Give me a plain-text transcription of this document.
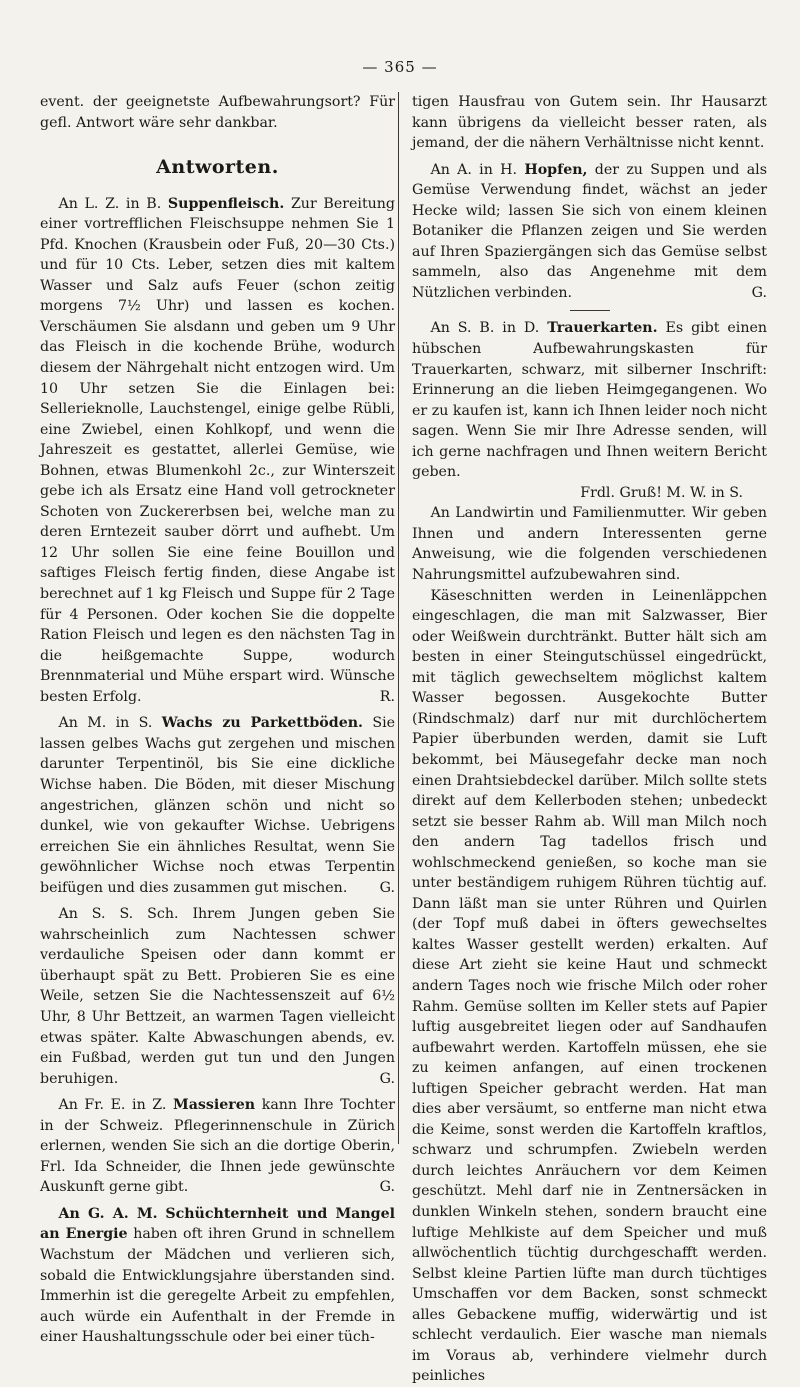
— 365 —

event. der geeignetste Aufbewahrungsort? Für gefl. Antwort wäre sehr dankbar.

Antworten.

An L. Z. in B. Suppenfleisch. Zur Bereitung einer vortrefflichen Fleischsuppe nehmen Sie 1 Pfd. Knochen (Krausbein oder Fuß, 20—30 Cts.) und für 10 Cts. Leber, setzen dies mit kaltem Wasser und Salz aufs Feuer (schon zeitig morgens 7½ Uhr) und lassen es kochen. Verschäumen Sie alsdann und geben um 9 Uhr das Fleisch in die kochende Brühe, wodurch diesem der Nährgehalt nicht entzogen wird. Um 10 Uhr setzen Sie die Einlagen bei: Sellerieknolle, Lauchstengel, einige gelbe Rübli, eine Zwiebel, einen Kohlkopf, und wenn die Jahreszeit es gestattet, allerlei Gemüse, wie Bohnen, etwas Blumenkohl 2c., zur Winterszeit gebe ich als Ersatz eine Hand voll getrockneter Schoten von Zuckererbsen bei, welche man zu deren Erntezeit sauber dörrt und aufhebt. Um 12 Uhr sollen Sie eine feine Bouillon und saftiges Fleisch fertig finden, diese Angabe ist berechnet auf 1 kg Fleisch und Suppe für 2 Tage für 4 Personen. Oder kochen Sie die doppelte Ration Fleisch und legen es den nächsten Tag in die heißgemachte Suppe, wodurch Brennmaterial und Mühe erspart wird. Wünsche besten Erfolg.	R.

An M. in S. Wachs zu Parkettböden. Sie lassen gelbes Wachs gut zergehen und mischen darunter Terpentinöl, bis Sie eine dickliche Wichse haben. Die Böden, mit dieser Mischung angestrichen, glänzen schön und nicht so dunkel, wie von gekaufter Wichse. Uebrigens erreichen Sie ein ähnliches Resultat, wenn Sie gewöhnlicher Wichse noch etwas Terpentin beifügen und dies zusammen gut mischen.	G.

An S. S. Sch. Ihrem Jungen geben Sie wahrscheinlich zum Nachtessen schwer verdauliche Speisen oder dann kommt er überhaupt spät zu Bett. Probieren Sie es eine Weile, setzen Sie die Nachtessenszeit auf 6½ Uhr, 8 Uhr Bettzeit, an warmen Tagen vielleicht etwas später. Kalte Abwaschungen abends, ev. ein Fußbad, werden gut tun und den Jungen beruhigen.	G.

An Fr. E. in Z. Massieren kann Ihre Tochter in der Schweiz. Pflegerinnenschule in Zürich erlernen, wenden Sie sich an die dortige Oberin, Frl. Ida Schneider, die Ihnen jede gewünschte Auskunft gerne gibt.	G.

An G. A. M. Schüchternheit und Mangel an Energie haben oft ihren Grund in schnellem Wachstum der Mädchen und verlieren sich, sobald die Entwicklungsjahre überstanden sind. Immerhin ist die geregelte Arbeit zu empfehlen, auch würde ein Aufenthalt in der Fremde in einer Haushaltungsschule oder bei einer tüch-

tigen Hausfrau von Gutem sein. Ihr Hausarzt kann übrigens da vielleicht besser raten, als jemand, der die nähern Verhältnisse nicht kennt.

An A. in H. Hopfen, der zu Suppen und als Gemüse Verwendung findet, wächst an jeder Hecke wild; lassen Sie sich von einem kleinen Botaniker die Pflanzen zeigen und Sie werden auf Ihren Spaziergängen sich das Gemüse selbst sammeln, also das Angenehme mit dem Nützlichen verbinden.	G.

An S. B. in D. Trauerkarten. Es gibt einen hübschen Aufbewahrungskasten für Trauerkarten, schwarz, mit silberner Inschrift: Erinnerung an die lieben Heimgegangenen. Wo er zu kaufen ist, kann ich Ihnen leider noch nicht sagen. Wenn Sie mir Ihre Adresse senden, will ich gerne nachfragen und Ihnen weitern Bericht geben.

Frdl. Gruß! M. W. in S.

An Landwirtin und Familienmutter. Wir geben Ihnen und andern Interessenten gerne Anweisung, wie die folgenden verschiedenen Nahrungsmittel aufzubewahren sind.

Käseschnitten werden in Leinenläppchen eingeschlagen, die man mit Salzwasser, Bier oder Weißwein durchtränkt. Butter hält sich am besten in einer Steingutschüssel eingedrückt, mit täglich gewechseltem möglichst kaltem Wasser begossen. Ausgekochte Butter (Rindschmalz) darf nur mit durchlöchertem Papier überbunden werden, damit sie Luft bekommt, bei Mäusegefahr decke man noch einen Drahtsiebdeckel darüber. Milch sollte stets direkt auf dem Kellerboden stehen; unbedeckt setzt sie besser Rahm ab. Will man Milch noch den andern Tag tadellos frisch und wohlschmeckend genießen, so koche man sie unter beständigem ruhigem Rühren tüchtig auf. Dann läßt man sie unter Rühren und Quirlen (der Topf muß dabei in öfters gewechseltes kaltes Wasser gestellt werden) erkalten. Auf diese Art zieht sie keine Haut und schmeckt andern Tages noch wie frische Milch oder roher Rahm. Gemüse sollten im Keller stets auf Papier luftig ausgebreitet liegen oder auf Sandhaufen aufbewahrt werden. Kartoffeln müssen, ehe sie zu keimen anfangen, auf einen trockenen luftigen Speicher gebracht werden. Hat man dies aber versäumt, so entferne man nicht etwa die Keime, sonst werden die Kartoffeln kraftlos, schwarz und schrumpfen. Zwiebeln werden durch leichtes Anräuchern vor dem Keimen geschützt. Mehl darf nie in Zentnersäcken in dunklen Winkeln stehen, sondern braucht eine luftige Mehlkiste auf dem Speicher und muß allwöchentlich tüchtig durchgeschafft werden. Selbst kleine Partien lüfte man durch tüchtiges Umschaffen vor dem Backen, sonst schmeckt alles Gebackene muffig, widerwärtig und ist schlecht verdaulich. Eier wasche man niemals im Voraus ab, verhindere vielmehr durch peinliches
